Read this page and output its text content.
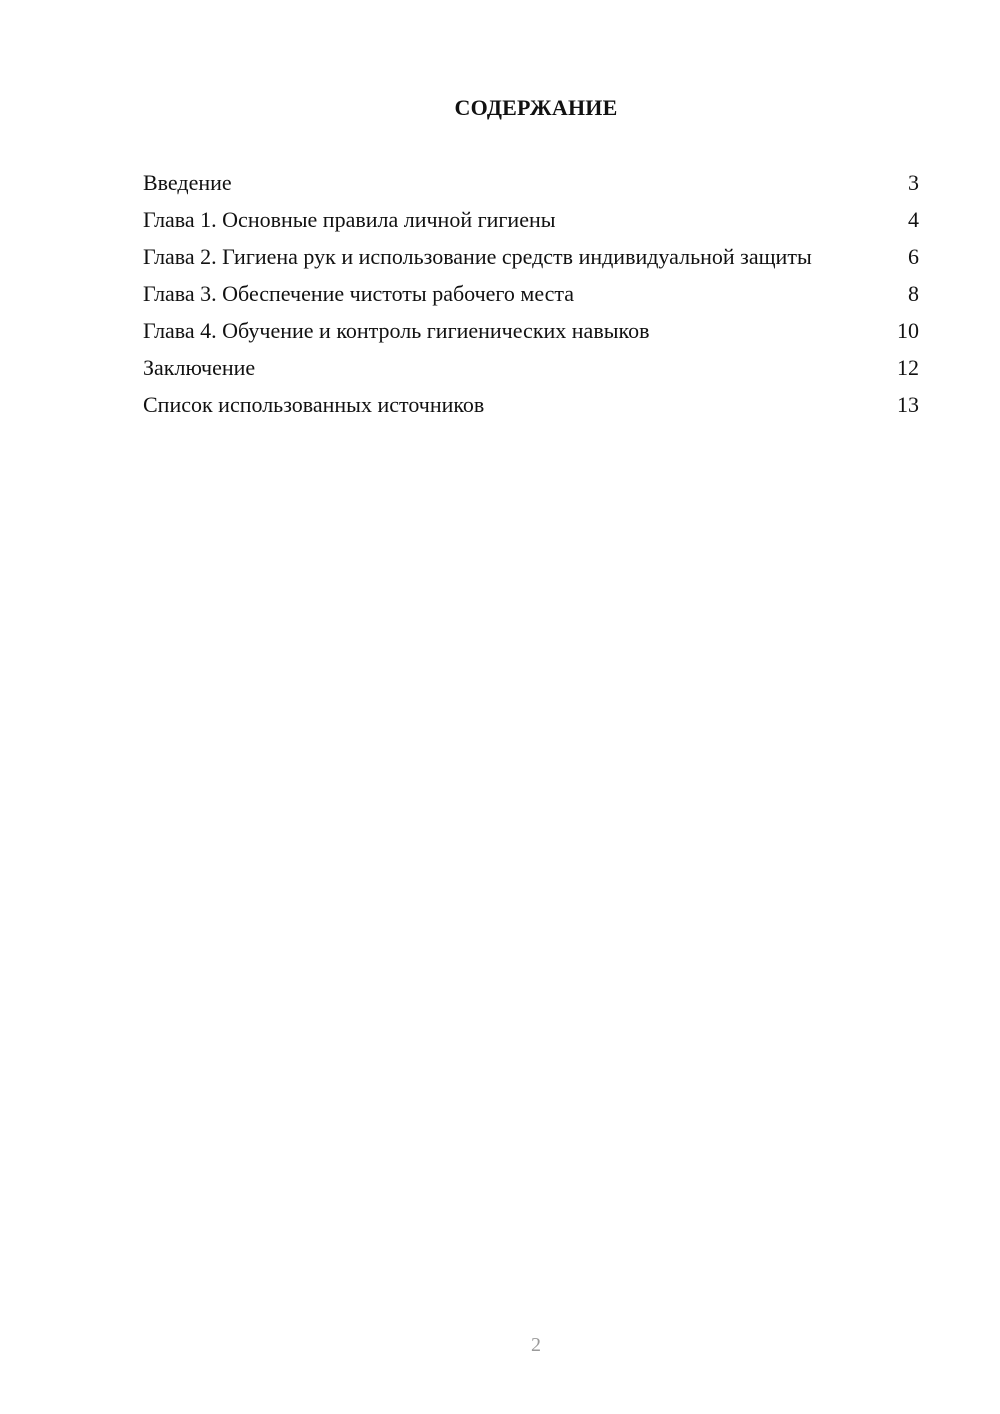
СОДЕРЖАНИЕ
Введение	3
Глава 1. Основные правила личной гигиены	4
Глава 2. Гигиена рук и использование средств индивидуальной защиты	6
Глава 3. Обеспечение чистоты рабочего места	8
Глава 4. Обучение и контроль гигиенических навыков	10
Заключение	12
Список использованных источников	13
2
